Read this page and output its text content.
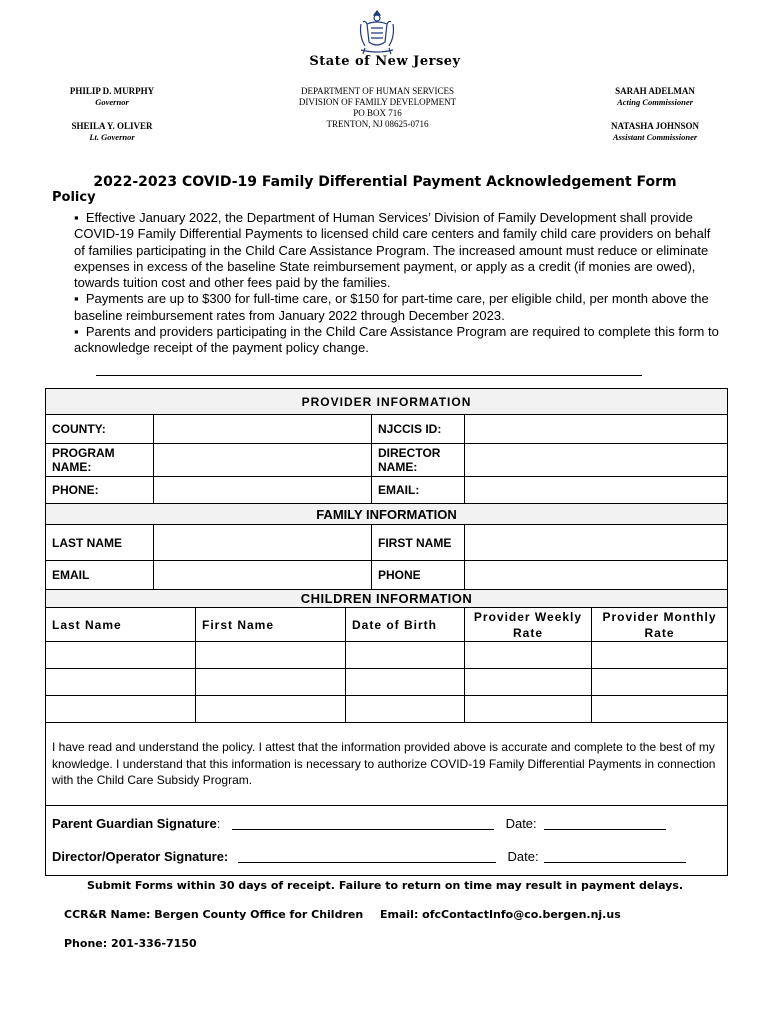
State of New Jersey
PHILIP D. MURPHY
Governor
SHEILA Y. OLIVER
Lt. Governor
DEPARTMENT OF HUMAN SERVICES
DIVISION OF FAMILY DEVELOPMENT
PO BOX 716
TRENTON, NJ 08625-0716
SARAH ADELMAN
Acting Commissioner
NATASHA JOHNSON
Assistant Commissioner
2022-2023 COVID-19 Family Differential Payment Acknowledgement Form
Policy

▪ Effective January 2022, the Department of Human Services’ Division of Family Development shall provide COVID-19 Family Differential Payments to licensed child care centers and family child care providers on behalf of families participating in the Child Care Assistance Program. The increased amount must reduce or eliminate expenses in excess of the baseline State reimbursement payment, or apply as a credit (if monies are owed), towards tuition cost and other fees paid by the families.

▪ Payments are up to $300 for full-time care, or $150 for part-time care, per eligible child, per month above the baseline reimbursement rates from January 2022 through December 2023.

▪ Parents and providers participating in the Child Care Assistance Program are required to complete this form to acknowledge receipt of the payment policy change.

PROVIDER INFORMATION						
COUNTY:				NJCCIS ID:		
PROGRAM NAME:				DIRECTOR NAME:		
PHONE:				EMAIL:		
FAMILY INFORMATION						
LAST NAME				FIRST NAME		
EMAIL				PHONE		
CHILDREN INFORMATION						
Last Name		First Name	Date of Birth		Provider Weekly Rate	Provider Monthly Rate

I have read and understand the policy. I attest that the information provided above is accurate and complete to the best of my knowledge. I understand that this information is necessary to authorize COVID-19 Family Differential Payments in connection with the Child Care Subsidy Program.						

Parent Guardian Signature: Date:
Director/Operator Signature: Date:						
Submit Forms within 30 days of receipt. Failure to return on time may result in payment delays.
CCR&R Name: Bergen County Office for Children Email: ofcContactInfo@co.bergen.nj.us
Phone: 201-336-7150
